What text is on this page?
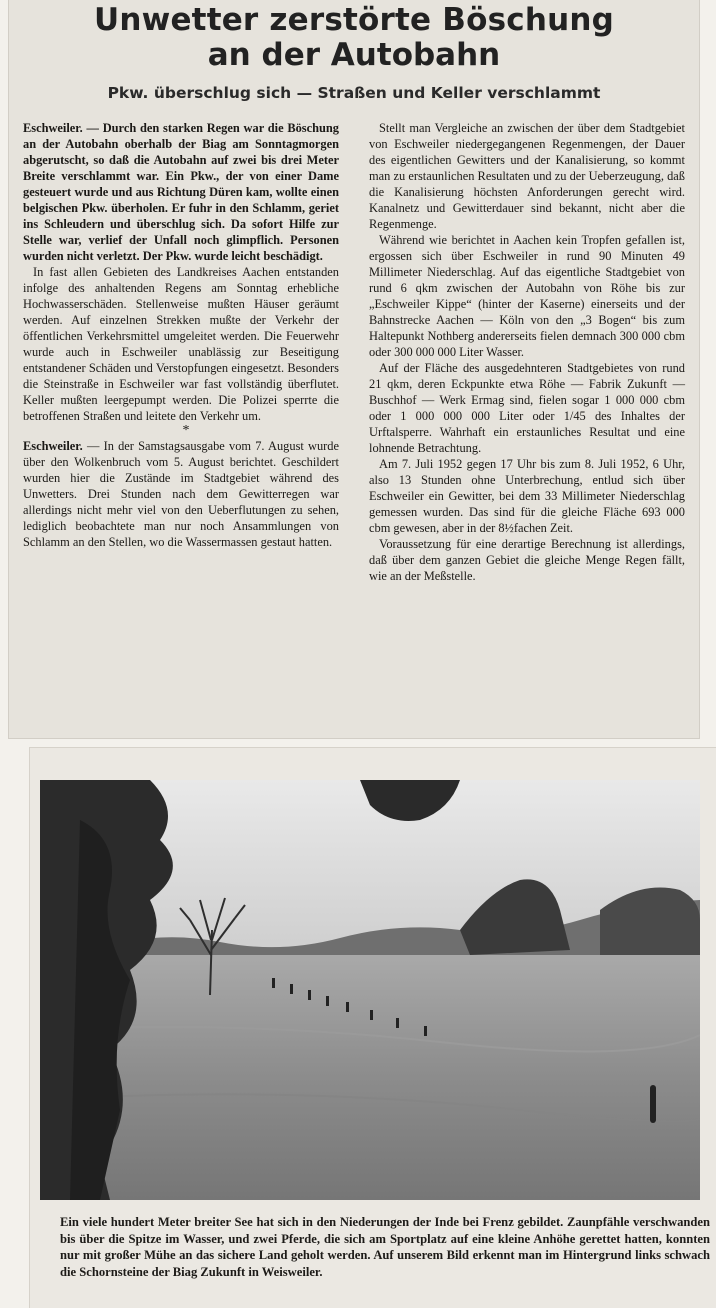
Unwetter zerstörte Böschung
an der Autobahn
Pkw. überschlug sich — Straßen und Keller verschlammt

Eschweiler. — Durch den starken Regen war die Böschung an der Autobahn oberhalb der Biag am Sonntagmorgen abgerutscht, so daß die Autobahn auf zwei bis drei Meter Breite verschlammt war. Ein Pkw., der von einer Dame gesteuert wurde und aus Richtung Düren kam, wollte einen belgischen Pkw. überholen. Er fuhr in den Schlamm, geriet ins Schleudern und überschlug sich. Da sofort Hilfe zur Stelle war, verlief der Unfall noch glimpflich. Personen wurden nicht verletzt. Der Pkw. wurde leicht beschädigt.

In fast allen Gebieten des Landkreises Aachen entstanden infolge des anhaltenden Regens am Sonntag erhebliche Hochwasserschäden. Stellenweise mußten Häuser geräumt werden. Auf einzelnen Strekken mußte der Verkehr der öffentlichen Verkehrsmittel umgeleitet werden. Die Feuerwehr wurde auch in Eschweiler unablässig zur Beseitigung entstandener Schäden und Verstopfungen eingesetzt. Besonders die Steinstraße in Eschweiler war fast vollständig überflutet. Keller mußten leergepumpt werden. Die Polizei sperrte die betroffenen Straßen und leitete den Verkehr um.

*

Eschweiler. — In der Samstagsausgabe vom 7. August wurde über den Wolkenbruch vom 5. August berichtet. Geschildert wurden hier die Zustände im Stadtgebiet während des Unwetters. Drei Stunden nach dem Gewitterregen war allerdings nicht mehr viel von den Ueberflutungen zu sehen, lediglich beobachtete man nur noch Ansammlungen von Schlamm an den Stellen, wo die Wassermassen gestaut hatten.

Stellt man Vergleiche an zwischen der über dem Stadtgebiet von Eschweiler niedergegangenen Regenmengen, der Dauer des eigentlichen Gewitters und der Kanalisierung, so kommt man zu erstaunlichen Resultaten und zu der Ueberzeugung, daß die Kanalisierung höchsten Anforderungen gerecht wird. Kanalnetz und Gewitterdauer sind bekannt, nicht aber die Regenmenge.

Während wie berichtet in Aachen kein Tropfen gefallen ist, ergossen sich über Eschweiler in rund 90 Minuten 49 Millimeter Niederschlag. Auf das eigentliche Stadtgebiet von rund 6 qkm zwischen der Autobahn von Röhe bis zur „Eschweiler Kippe“ (hinter der Kaserne) einerseits und der Bahnstrecke Aachen — Köln von den „3 Bogen“ bis zum Haltepunkt Nothberg andererseits fielen demnach 300 000 cbm oder 300 000 000 Liter Wasser.

Auf der Fläche des ausgedehnteren Stadtgebietes von rund 21 qkm, deren Eckpunkte etwa Röhe — Fabrik Zukunft — Buschhof — Werk Ermag sind, fielen sogar 1 000 000 cbm oder 1 000 000 000 Liter oder 1/45 des Inhaltes der Urftalsperre. Wahrhaft ein erstaunliches Resultat und eine lohnende Betrachtung.

Am 7. Juli 1952 gegen 17 Uhr bis zum 8. Juli 1952, 6 Uhr, also 13 Stunden ohne Unterbrechung, entlud sich über Eschweiler ein Gewitter, bei dem 33 Millimeter Niederschlag gemessen wurden. Das sind für die gleiche Fläche 693 000 cbm gewesen, aber in der 8½fachen Zeit.

Voraussetzung für eine derartige Berechnung ist allerdings, daß über dem ganzen Gebiet die gleiche Menge Regen fällt, wie an der Meßstelle.

Ein viele hundert Meter breiter See hat sich in den Niederungen der Inde bei Frenz gebildet. Zaunpfähle verschwanden bis über die Spitze im Wasser, und zwei Pferde, die sich am Sportplatz auf eine kleine Anhöhe gerettet hatten, konnten nur mit großer Mühe an das sichere Land geholt werden. Auf unserem Bild erkennt man im Hintergrund links schwach die Schornsteine der Biag Zukunft in Weisweiler.
